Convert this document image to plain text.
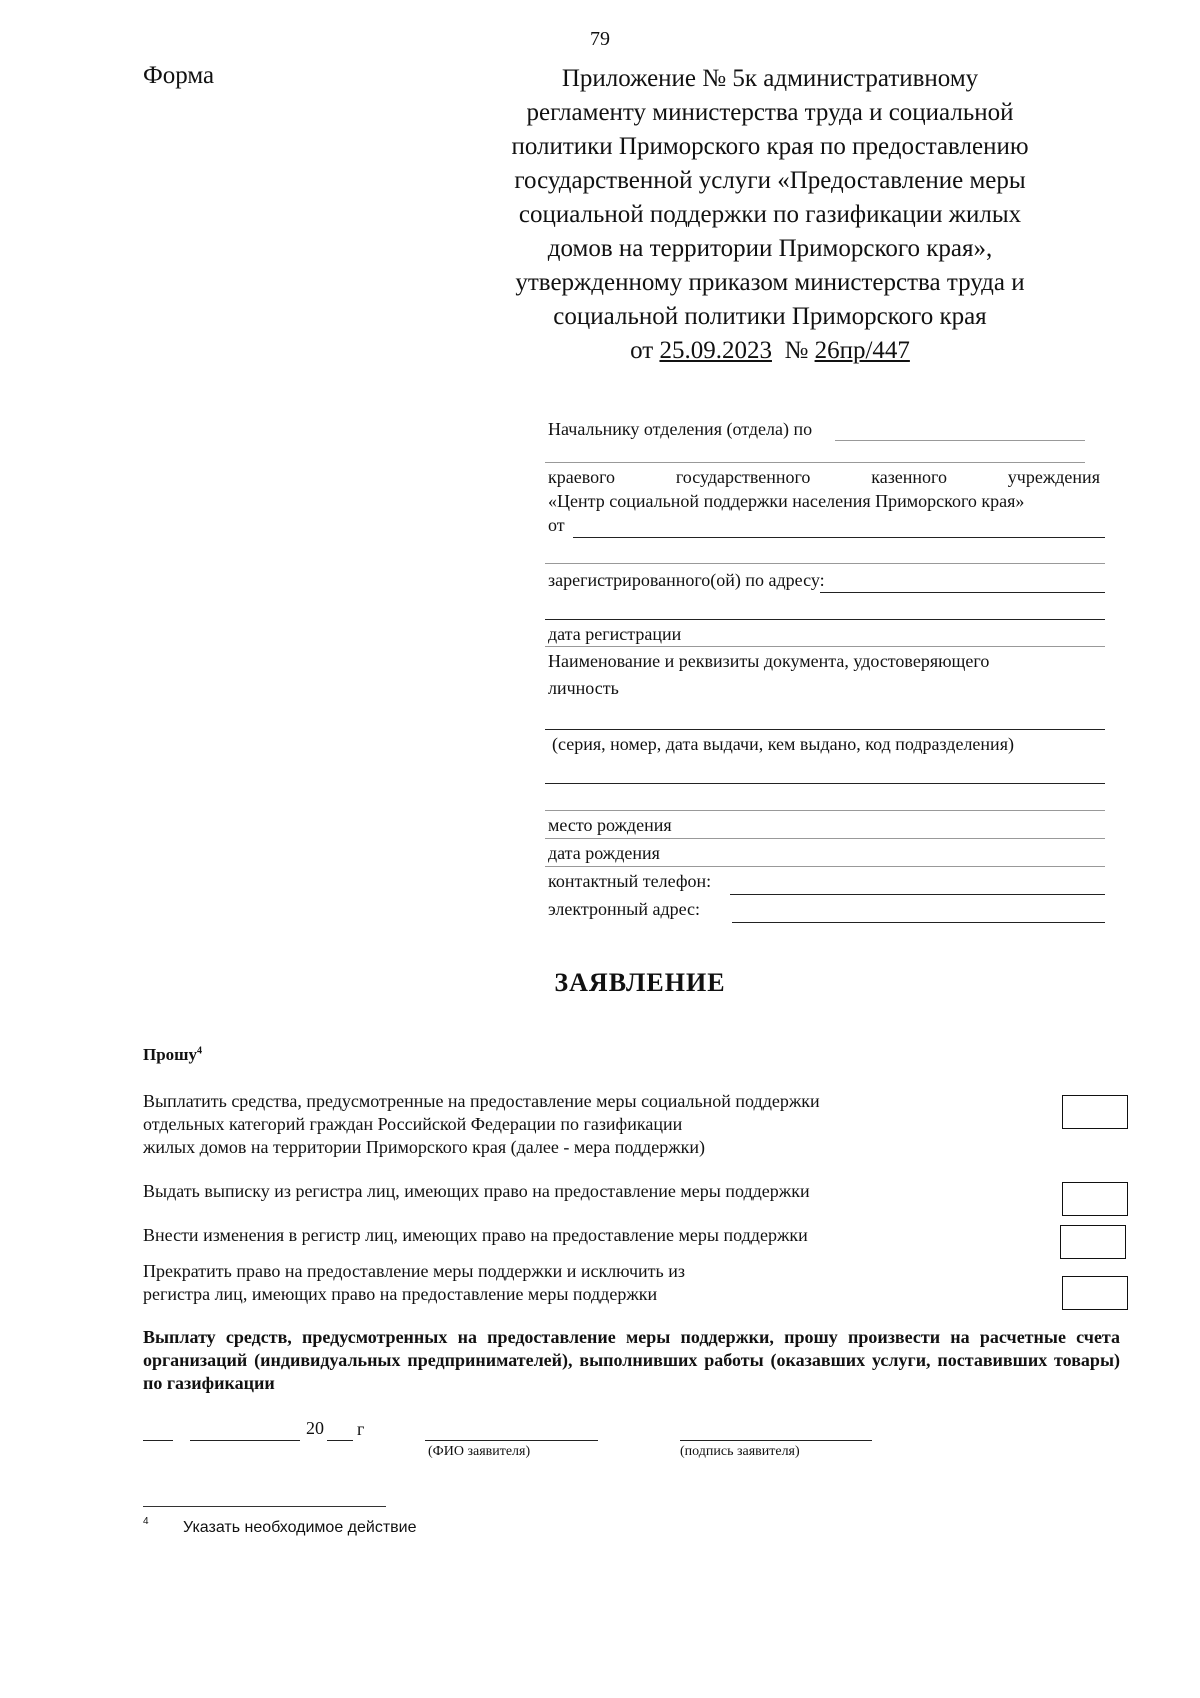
79
Форма	Приложение № 5к административному
регламенту министерства труда и социальной
политики Приморского края по предоставлению
государственной услуги «Предоставление меры
социальной поддержки по газификации жилых
домов на территории Приморского края»,
утвержденному приказом министерства труда и
социальной политики Приморского края
от 25.09.2023 № 26пр/447
Начальнику отделения (отдела) по
краевого	государственного	казенного	учреждения
«Центр социальной поддержки населения Приморского края»
от
зарегистрированного(ой) по адресу:
дата регистрации
Наименование и реквизиты документа, удостоверяющего
личность
(серия, номер, дата выдачи, кем выдано, код подразделения)
место рождения
дата рождения
контактный телефон:
электронный адрес:
ЗАЯВЛЕНИЕ
Прошу$^4$
Выплатить средства, предусмотренные на предоставление меры социальной поддержки
отдельных категорий граждан Российской Федерации по газификации
жилых домов на территории Приморского края (далее - мера поддержки)
Выдать выписку из регистра лиц, имеющих право на предоставление меры поддержки
Внести изменения в регистр лиц, имеющих право на предоставление меры поддержки
Прекратить право на предоставление меры поддержки и исключить из
регистра лиц, имеющих право на предоставление меры поддержки
Выплату средств, предусмотренных на предоставление меры поддержки, прошу произвести на расчетные счета организаций (индивидуальных предпринимателей), выполнивших работы (оказавших услуги, поставивших товары) по газификации
20 г
(ФИО заявителя)	(подпись заявителя)
4 Указать необходимое действие
